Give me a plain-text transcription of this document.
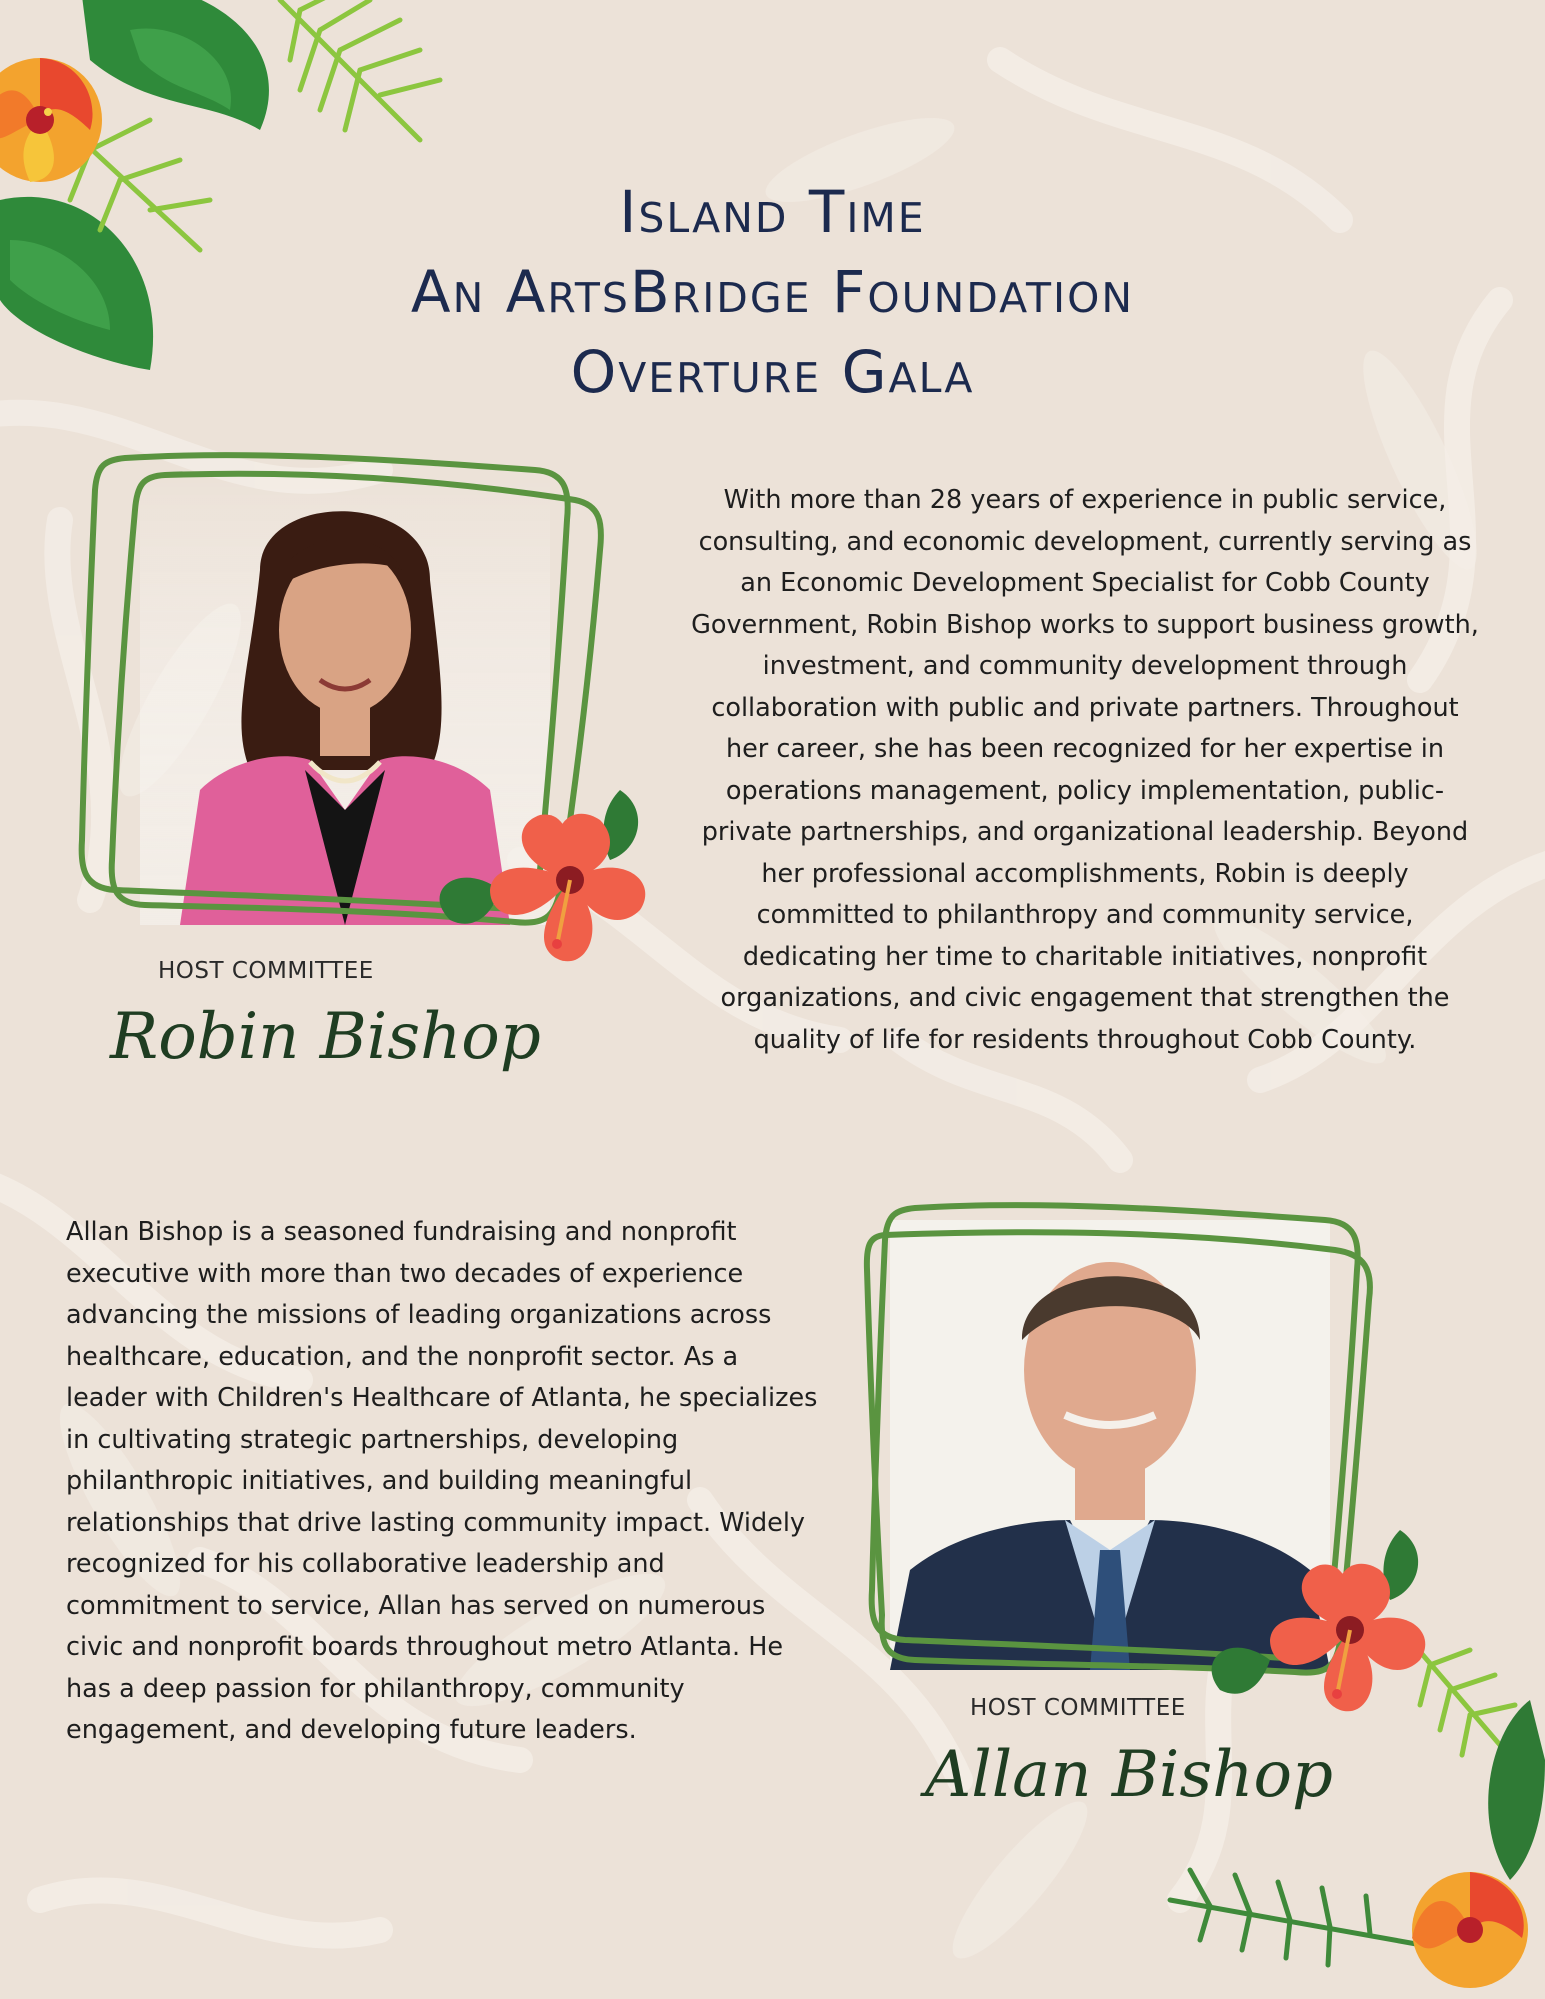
Island Time
An ArtsBridge Foundation
Overture Gala
HOST COMMITTEE
Robin Bishop
With more than 28 years of experience in public service, consulting, and economic development, currently serving as an Economic Development Specialist for Cobb County Government, Robin Bishop works to support business growth, investment, and community development through collaboration with public and private partners. Throughout her career, she has been recognized for her expertise in operations management, policy implementation, public-private partnerships, and organizational leadership. Beyond her professional accomplishments, Robin is deeply committed to philanthropy and community service, dedicating her time to charitable initiatives, nonprofit organizations, and civic engagement that strengthen the quality of life for residents throughout Cobb County.
Allan Bishop is a seasoned fundraising and nonprofit executive with more than two decades of experience advancing the missions of leading organizations across healthcare, education, and the nonprofit sector. As a leader with Children's Healthcare of Atlanta, he specializes in cultivating strategic partnerships, developing philanthropic initiatives, and building meaningful relationships that drive lasting community impact. Widely recognized for his collaborative leadership and commitment to service, Allan has served on numerous civic and nonprofit boards throughout metro Atlanta. He has a deep passion for philanthropy, community engagement, and developing future leaders.
HOST COMMITTEE
Allan Bishop
